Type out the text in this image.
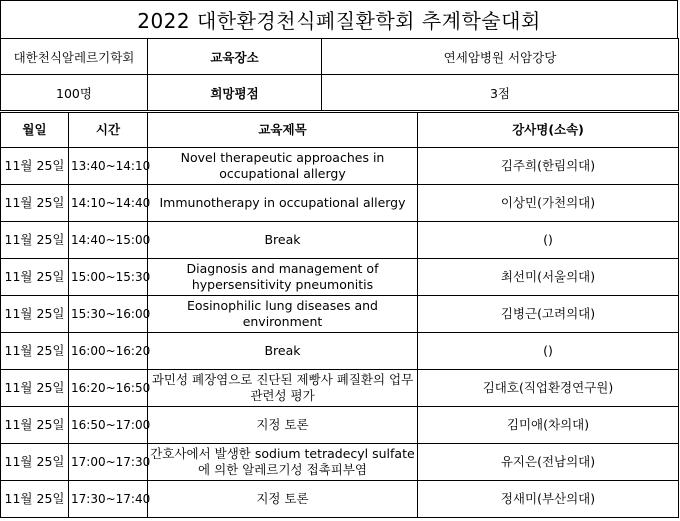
2022 대한환경천식폐질환학회 추계학술대회
대한천식알레르기학회	교육장소	연세암병원 서암강당
100명	희망평점	3점
월일	시간	교육제목	강사명(소속)
11월 25일	13:40~14:10	Novel therapeutic approaches in occupational allergy	김주희(한림의대)
11월 25일	14:10~14:40	Immunotherapy in occupational allergy	이상민(가천의대)
11월 25일	14:40~15:00	Break	()
11월 25일	15:00~15:30	Diagnosis and management of hypersensitivity pneumonitis	최선미(서울의대)
11월 25일	15:30~16:00	Eosinophilic lung diseases and environment	김병근(고려의대)
11월 25일	16:00~16:20	Break	()
11월 25일	16:20~16:50	과민성 폐장염으로 진단된 제빵사 폐질환의 업무관련성 평가	김대호(직업환경연구원)
11월 25일	16:50~17:00	지정 토론	김미애(차의대)
11월 25일	17:00~17:30	간호사에서 발생한 sodium tetradecyl sulfate 에 의한 알레르기성 접촉피부염	유지은(전남의대)
11월 25일	17:30~17:40	지정 토론	정새미(부산의대)
